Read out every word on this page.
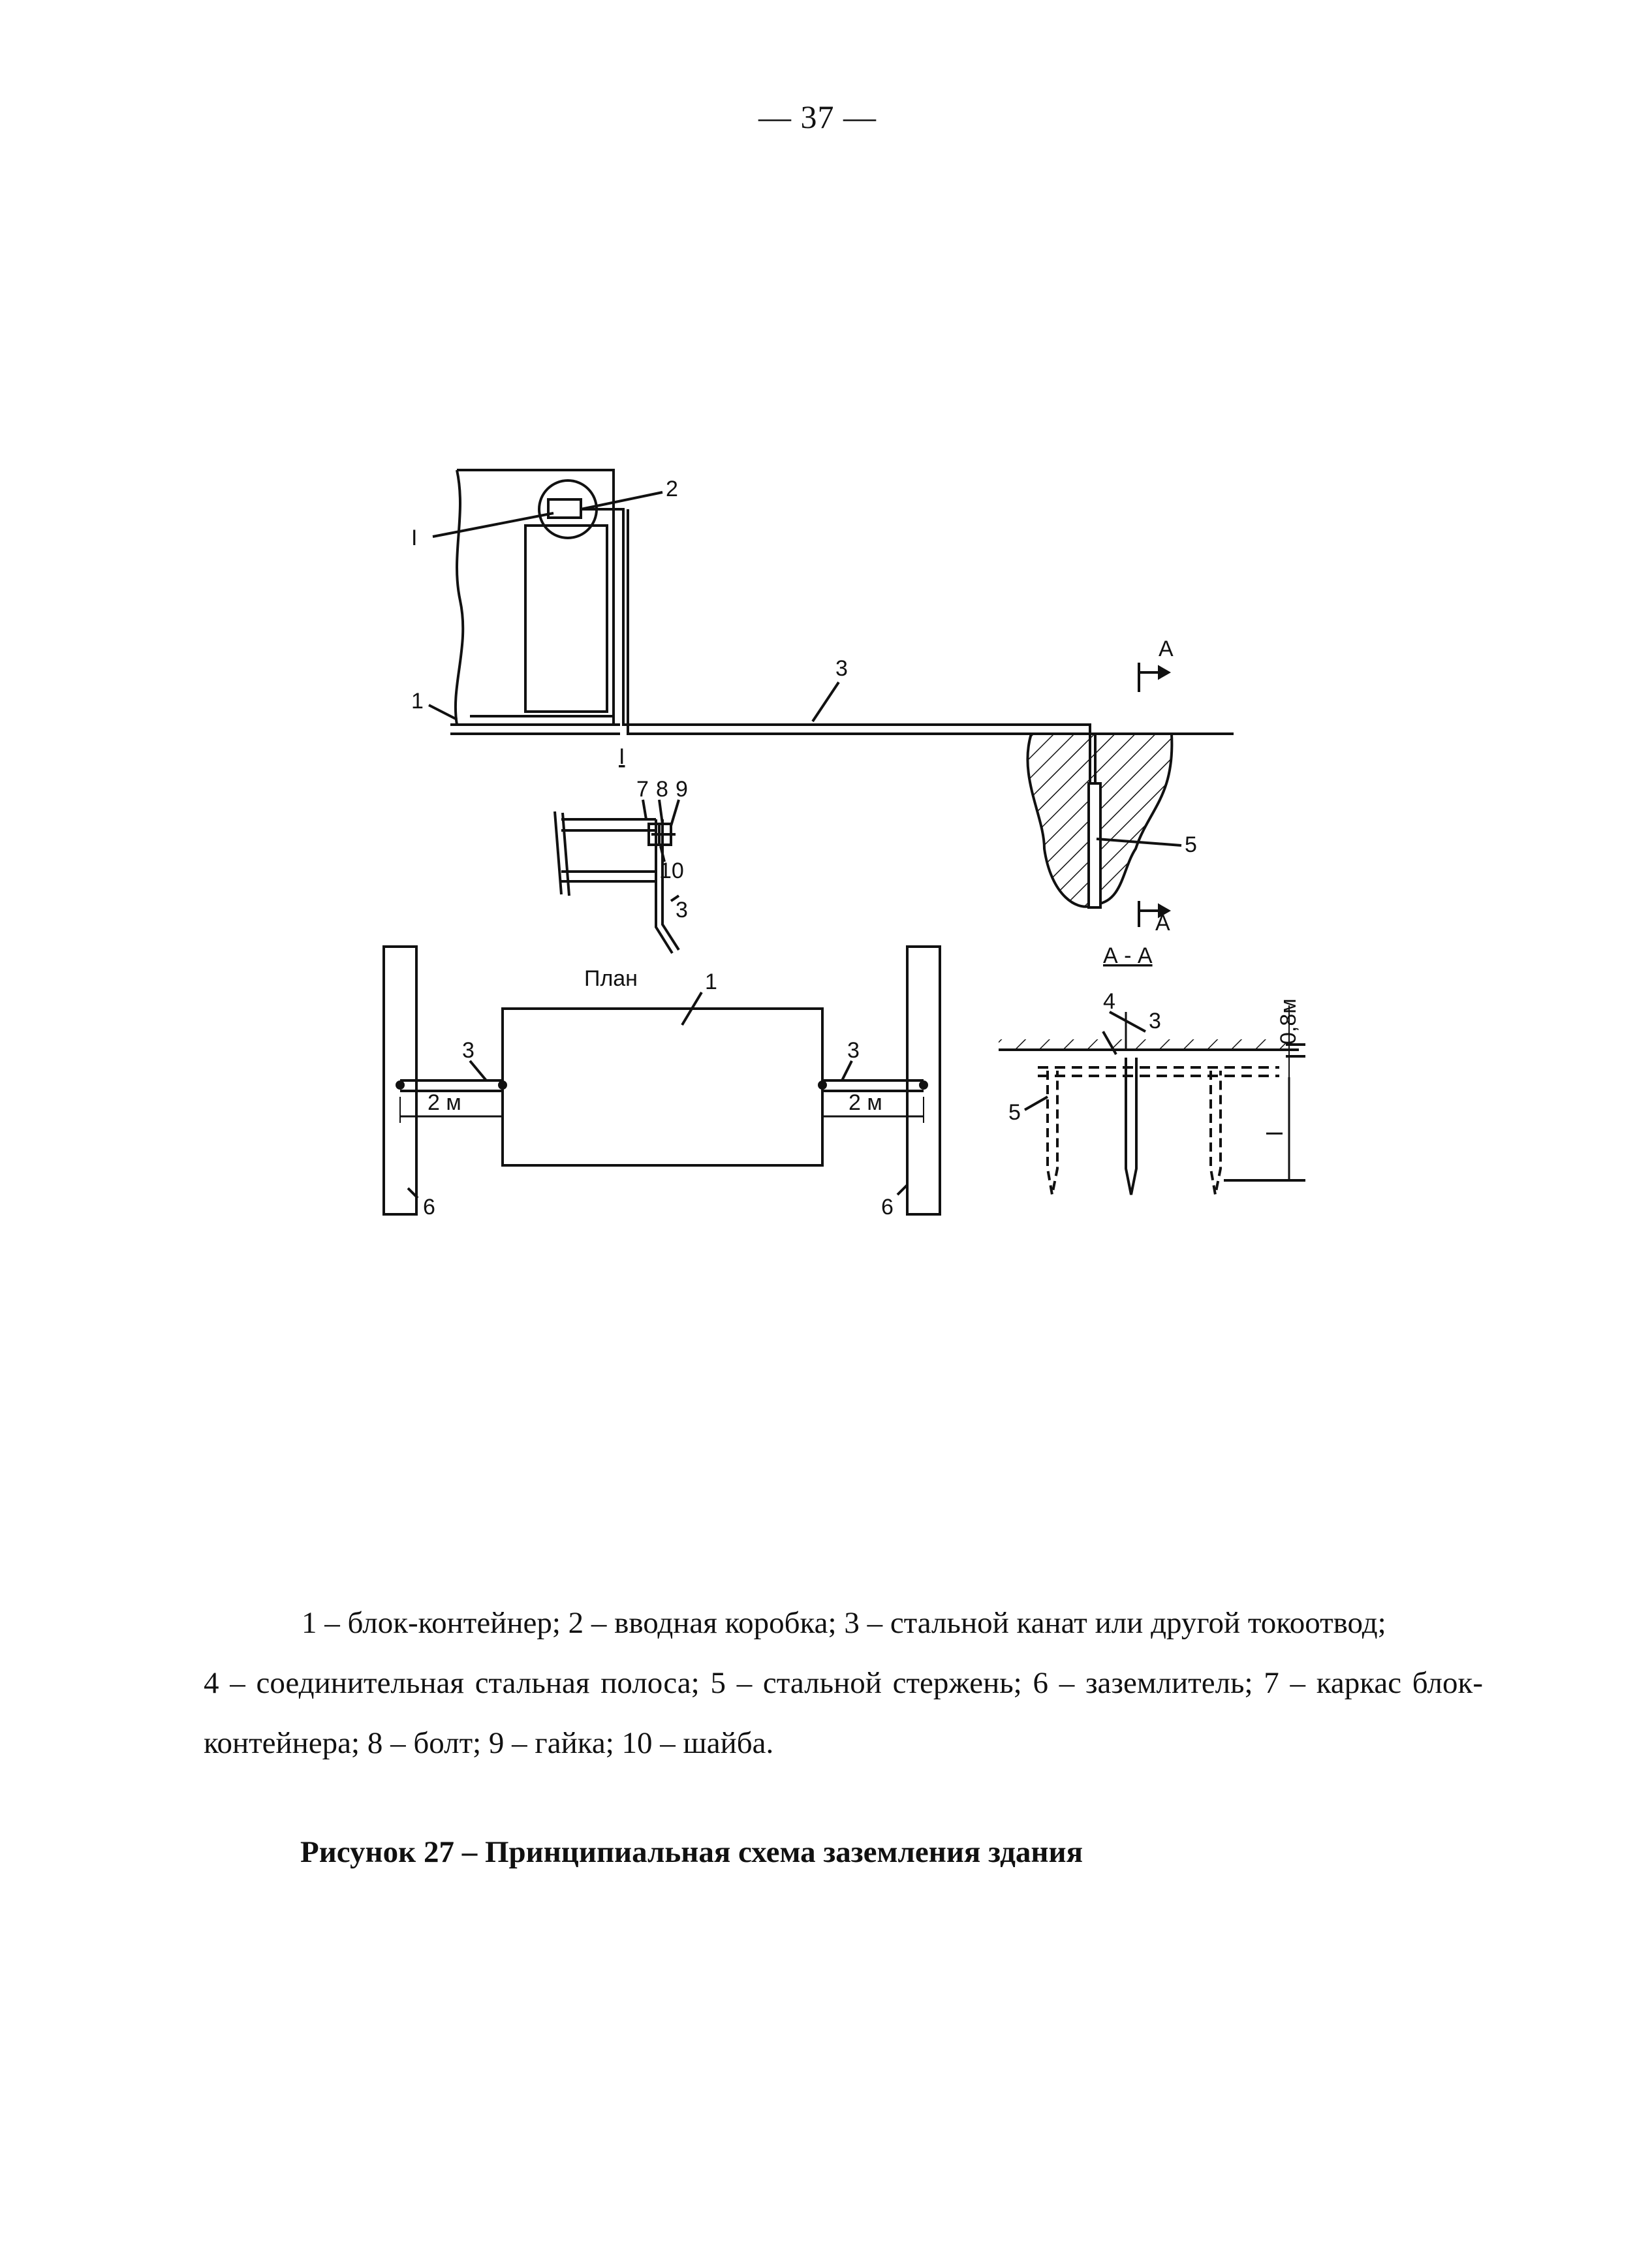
— 37 —
2
I
1
3
А
5
А
I
7 8 9
10
3
План	1
3	3
2 м	2 м
6	6
А - А
4
3
5
0,8м
l
1 – блок-контейнер; 2 – вводная коробка; 3 – стальной канат или другой токоотвод;
4 – соединительная стальная полоса; 5 – стальной стержень; 6 – заземлитель; 7 – каркас блок-контейнера; 8 – болт; 9 – гайка; 10 – шайба.
Рисунок 27 – Принципиальная схема заземления здания
